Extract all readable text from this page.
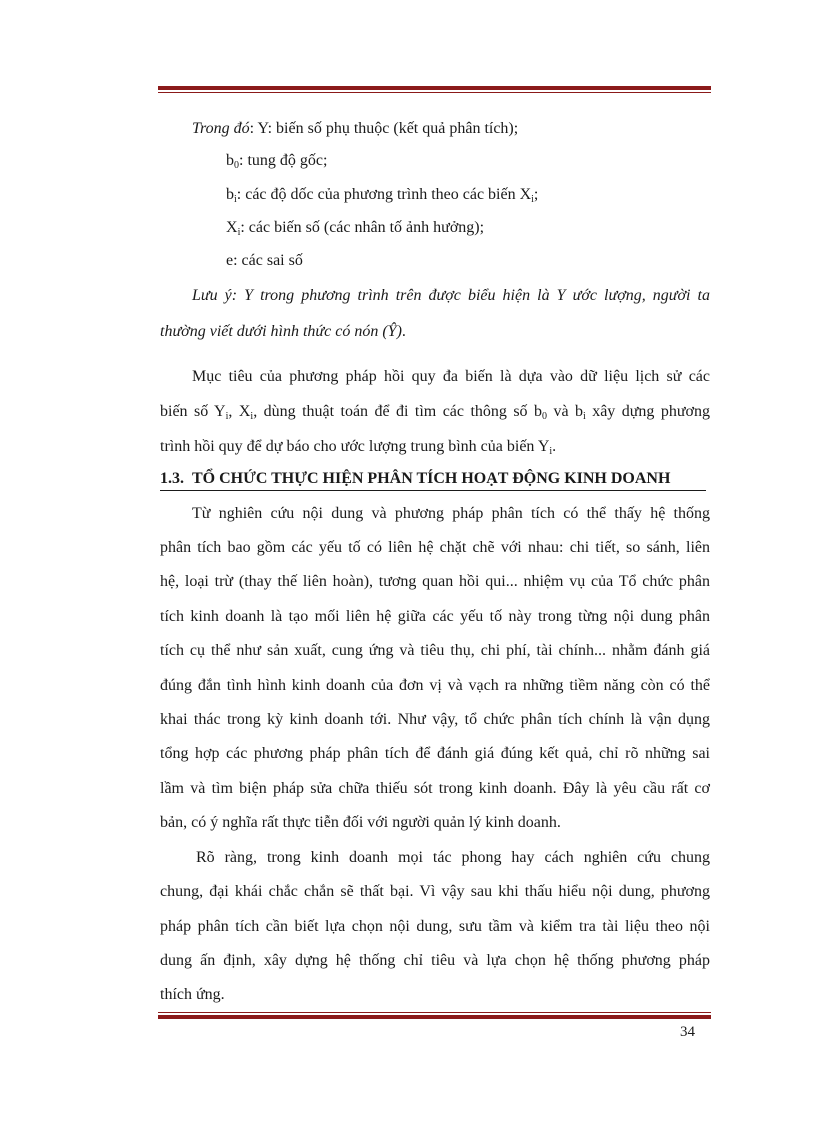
Trong đó: Y: biến số phụ thuộc (kết quả phân tích);
$b_0$: tung độ gốc;
$b_i$: các độ dốc của phương trình theo các biến $X_i$;
$X_i$: các biến số (các nhân tố ảnh hưởng);
e: các sai số
Lưu ý: Y trong phương trình trên được biểu hiện là Y ước lượng, người ta
thường viết dưới hình thức có nón (Ŷ).
Mục tiêu của phương pháp hồi quy đa biến là dựa vào dữ liệu lịch sử các
biến số $Y_i$, $X_i$, dùng thuật toán để đi tìm các thông số $b_0$ và $b_i$ xây dựng phương
trình hồi quy để dự báo cho ước lượng trung bình của biến $Y_i$.
1.3. TỔ CHỨC THỰC HIỆN PHÂN TÍCH HOẠT ĐỘNG KINH DOANH
Từ nghiên cứu nội dung và phương pháp phân tích có thể thấy hệ thống
phân tích bao gồm các yếu tố có liên hệ chặt chẽ với nhau: chi tiết, so sánh, liên
hệ, loại trừ (thay thế liên hoàn), tương quan hồi qui... nhiệm vụ của Tổ chức phân
tích kinh doanh là tạo mối liên hệ giữa các yếu tố này trong từng nội dung phân
tích cụ thể như sản xuất, cung ứng và tiêu thụ, chi phí, tài chính... nhằm đánh giá
đúng đắn tình hình kinh doanh của đơn vị và vạch ra những tiềm năng còn có thể
khai thác trong kỳ kinh doanh tới. Như vậy, tổ chức phân tích chính là vận dụng
tổng hợp các phương pháp phân tích để đánh giá đúng kết quả, chỉ rõ những sai
lầm và tìm biện pháp sửa chữa thiếu sót trong kinh doanh. Đây là yêu cầu rất cơ
bản, có ý nghĩa rất thực tiễn đối với người quản lý kinh doanh.
Rõ ràng, trong kinh doanh mọi tác phong hay cách nghiên cứu chung
chung, đại khái chắc chắn sẽ thất bại. Vì vậy sau khi thấu hiểu nội dung, phương
pháp phân tích cần biết lựa chọn nội dung, sưu tầm và kiểm tra tài liệu theo nội
dung ấn định, xây dựng hệ thống chỉ tiêu và lựa chọn hệ thống phương pháp
thích ứng.
34
